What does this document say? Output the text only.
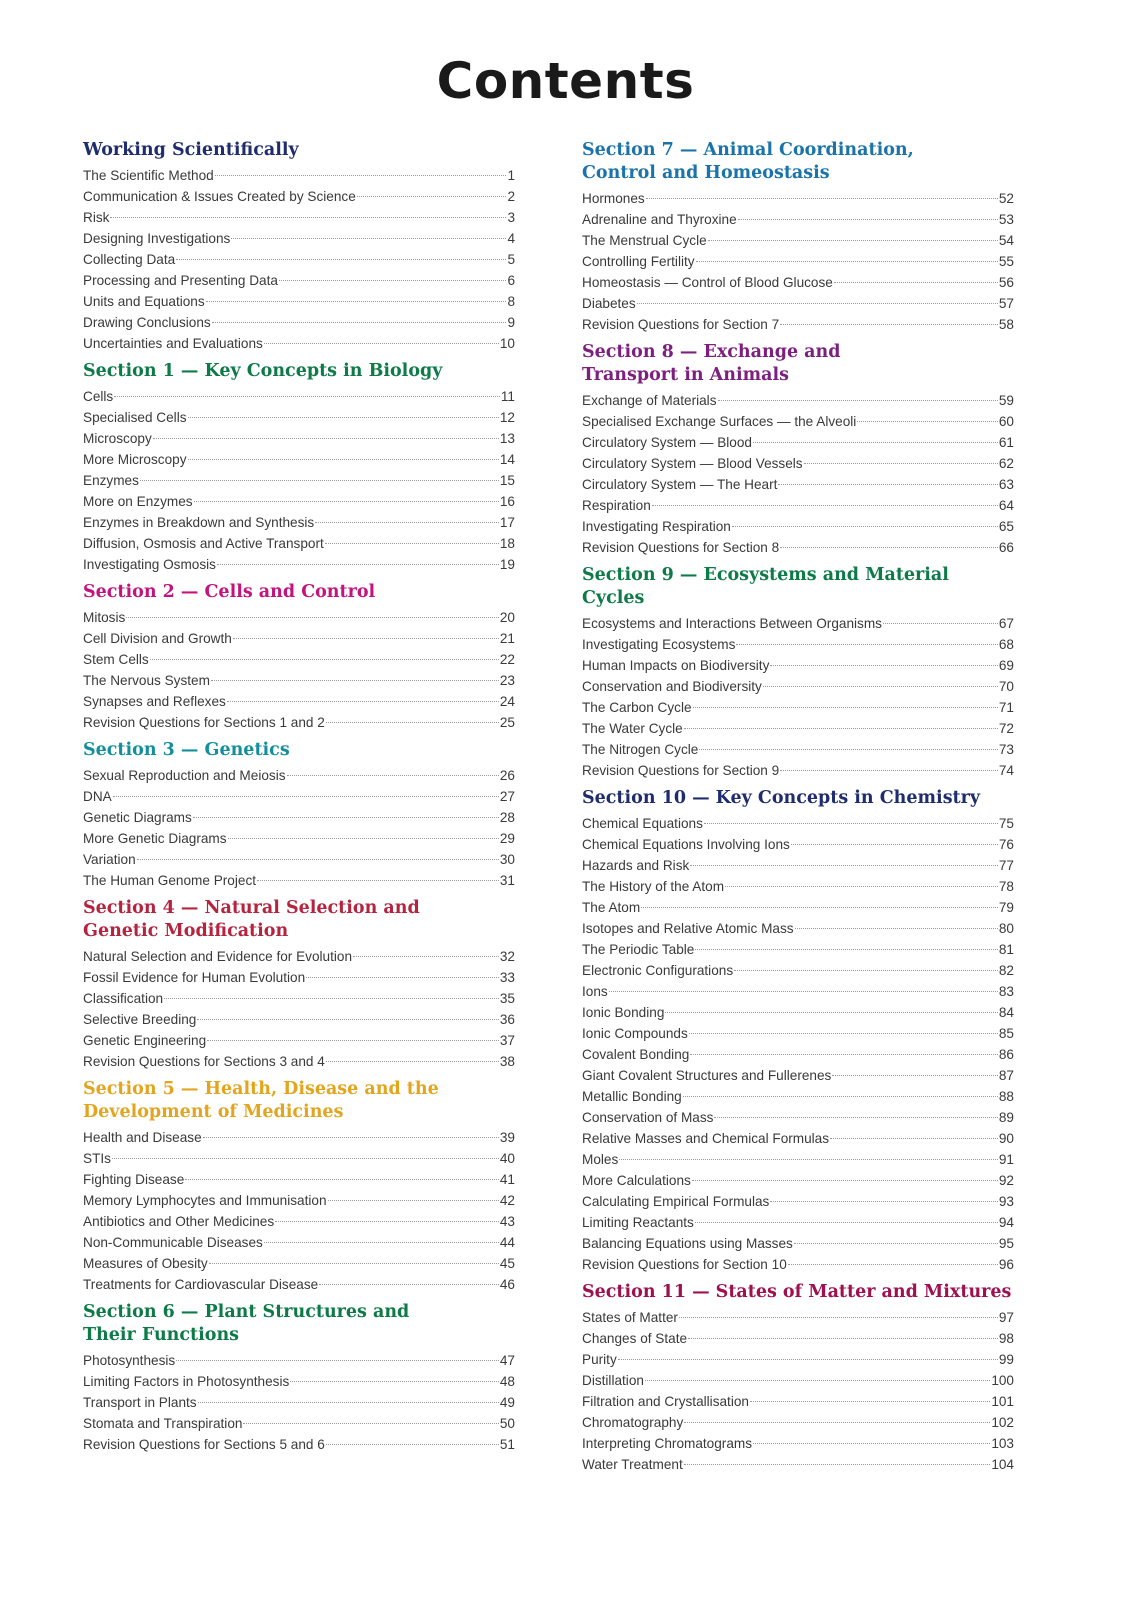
Contents
Working Scientifically
The Scientific Method	1
Communication & Issues Created by Science	2
Risk	3
Designing Investigations	4
Collecting Data	5
Processing and Presenting Data	6
Units and Equations	8
Drawing Conclusions	9
Uncertainties and Evaluations	10
Section 1 — Key Concepts in Biology
Cells	11
Specialised Cells	12
Microscopy	13
More Microscopy	14
Enzymes	15
More on Enzymes	16
Enzymes in Breakdown and Synthesis	17
Diffusion, Osmosis and Active Transport	18
Investigating Osmosis	19
Section 2 — Cells and Control
Mitosis	20
Cell Division and Growth	21
Stem Cells	22
The Nervous System	23
Synapses and Reflexes	24
Revision Questions for Sections 1 and 2	25
Section 3 — Genetics
Sexual Reproduction and Meiosis	26
DNA	27
Genetic Diagrams	28
More Genetic Diagrams	29
Variation	30
The Human Genome Project	31
Section 4 — Natural Selection and
Genetic Modification
Natural Selection and Evidence for Evolution	32
Fossil Evidence for Human Evolution	33
Classification	35
Selective Breeding	36
Genetic Engineering	37
Revision Questions for Sections 3 and 4	38
Section 5 — Health, Disease and the
Development of Medicines
Health and Disease	39
STIs	40
Fighting Disease	41
Memory Lymphocytes and Immunisation	42
Antibiotics and Other Medicines	43
Non-Communicable Diseases	44
Measures of Obesity	45
Treatments for Cardiovascular Disease	46
Section 6 — Plant Structures and
Their Functions
Photosynthesis	47
Limiting Factors in Photosynthesis	48
Transport in Plants	49
Stomata and Transpiration	50
Revision Questions for Sections 5 and 6	51
Section 7 — Animal Coordination,
Control and Homeostasis
Hormones	52
Adrenaline and Thyroxine	53
The Menstrual Cycle	54
Controlling Fertility	55
Homeostasis — Control of Blood Glucose	56
Diabetes	57
Revision Questions for Section 7	58
Section 8 — Exchange and
Transport in Animals
Exchange of Materials	59
Specialised Exchange Surfaces — the Alveoli	60
Circulatory System — Blood	61
Circulatory System — Blood Vessels	62
Circulatory System — The Heart	63
Respiration	64
Investigating Respiration	65
Revision Questions for Section 8	66
Section 9 — Ecosystems and Material Cycles
Ecosystems and Interactions Between Organisms	67
Investigating Ecosystems	68
Human Impacts on Biodiversity	69
Conservation and Biodiversity	70
The Carbon Cycle	71
The Water Cycle	72
The Nitrogen Cycle	73
Revision Questions for Section 9	74
Section 10 — Key Concepts in Chemistry
Chemical Equations	75
Chemical Equations Involving Ions	76
Hazards and Risk	77
The History of the Atom	78
The Atom	79
Isotopes and Relative Atomic Mass	80
The Periodic Table	81
Electronic Configurations	82
Ions	83
Ionic Bonding	84
Ionic Compounds	85
Covalent Bonding	86
Giant Covalent Structures and Fullerenes	87
Metallic Bonding	88
Conservation of Mass	89
Relative Masses and Chemical Formulas	90
Moles	91
More Calculations	92
Calculating Empirical Formulas	93
Limiting Reactants	94
Balancing Equations using Masses	95
Revision Questions for Section 10	96
Section 11 — States of Matter and Mixtures
States of Matter	97
Changes of State	98
Purity	99
Distillation	100
Filtration and Crystallisation	101
Chromatography	102
Interpreting Chromatograms	103
Water Treatment	104
